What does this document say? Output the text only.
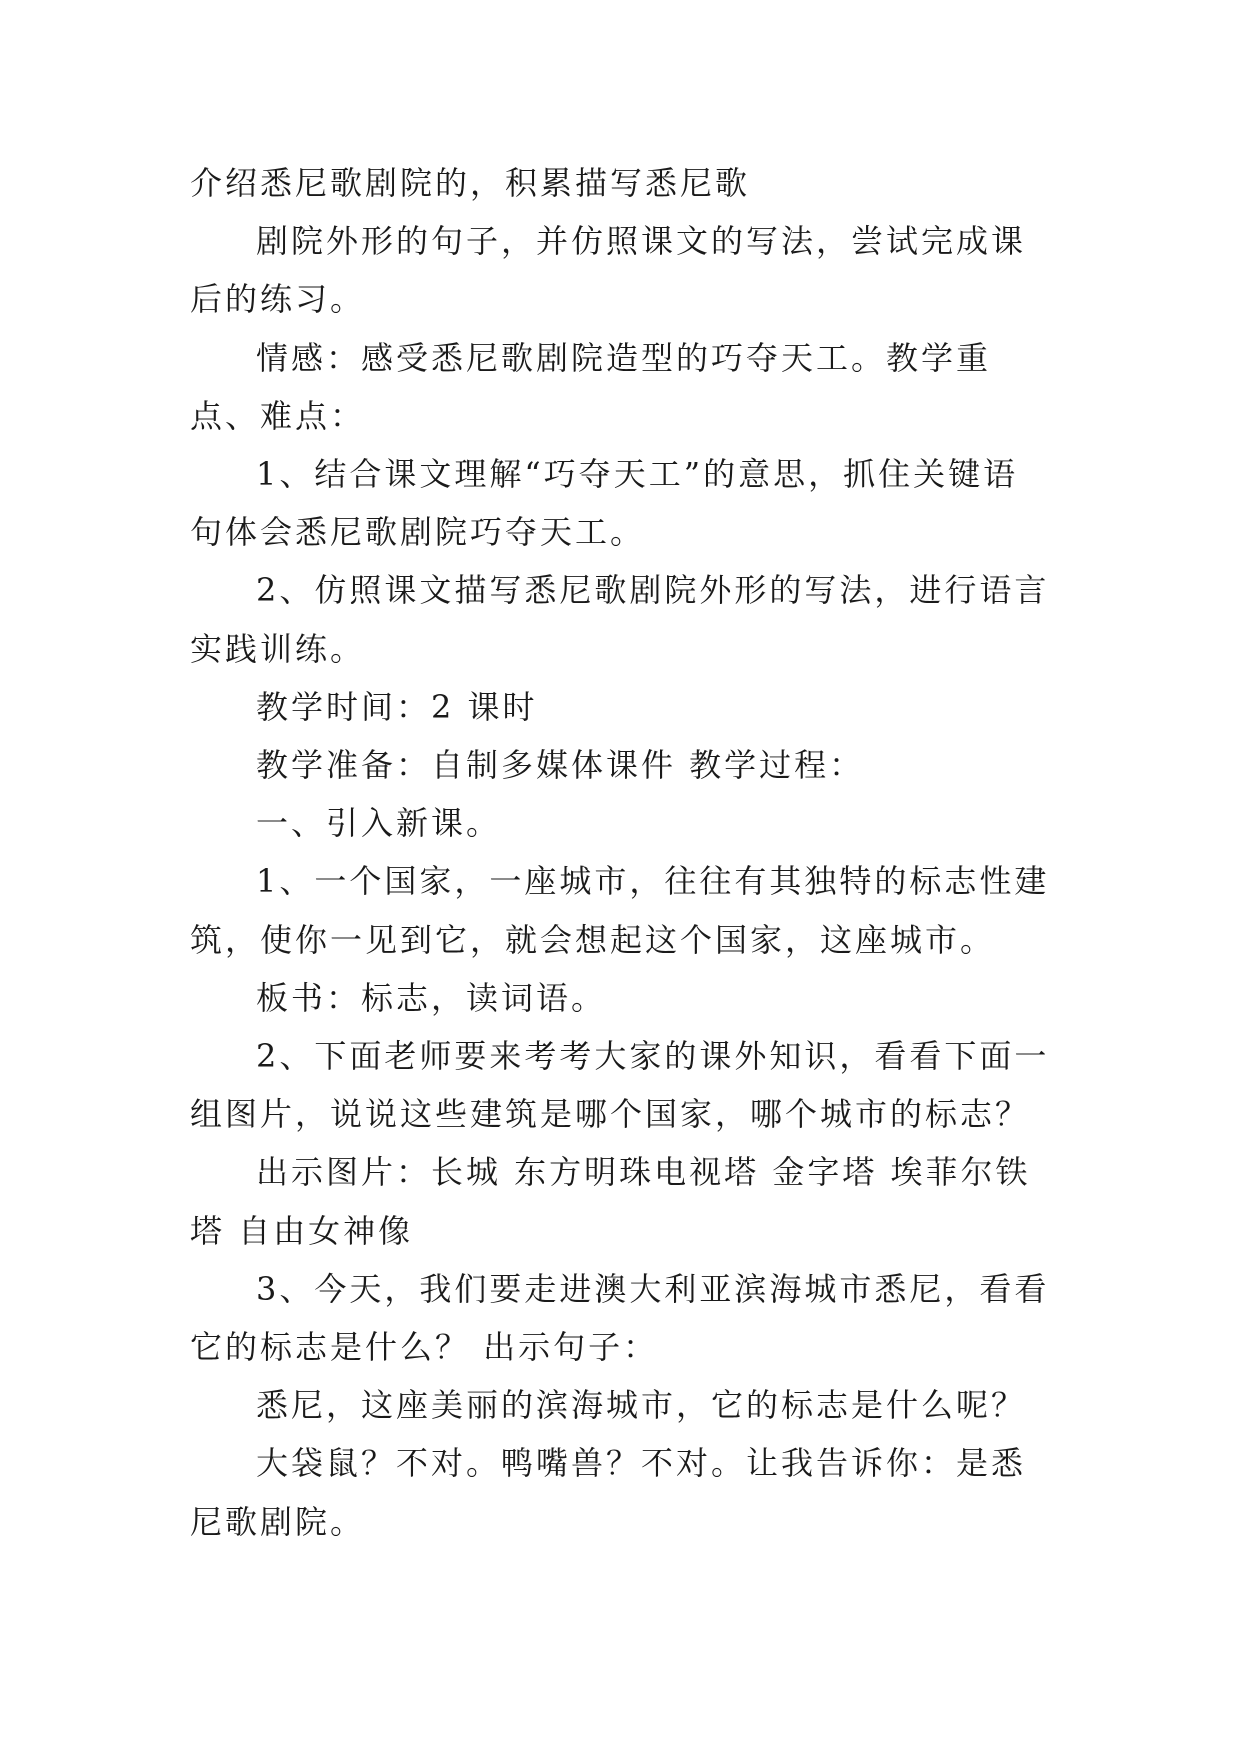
介绍悉尼歌剧院的，积累描写悉尼歌

剧院外形的句子，并仿照课文的写法，尝试完成课后的练习。

情感：感受悉尼歌剧院造型的巧夺天工。教学重点、难点：

1、结合课文理解“巧夺天工”的意思，抓住关键语句体会悉尼歌剧院巧夺天工。

2、仿照课文描写悉尼歌剧院外形的写法，进行语言实践训练。

教学时间：2 课时

教学准备：自制多媒体课件 教学过程：

一、引入新课。

1、一个国家，一座城市，往往有其独特的标志性建筑，使你一见到它，就会想起这个国家，这座城市。

板书：标志，读词语。

2、下面老师要来考考大家的课外知识，看看下面一组图片，说说这些建筑是哪个国家，哪个城市的标志？

出示图片：长城 东方明珠电视塔 金字塔 埃菲尔铁塔 自由女神像

3、今天，我们要走进澳大利亚滨海城市悉尼，看看它的标志是什么？ 出示句子：

悉尼，这座美丽的滨海城市，它的标志是什么呢？

大袋鼠？不对。鸭嘴兽？不对。让我告诉你：是悉尼歌剧院。
